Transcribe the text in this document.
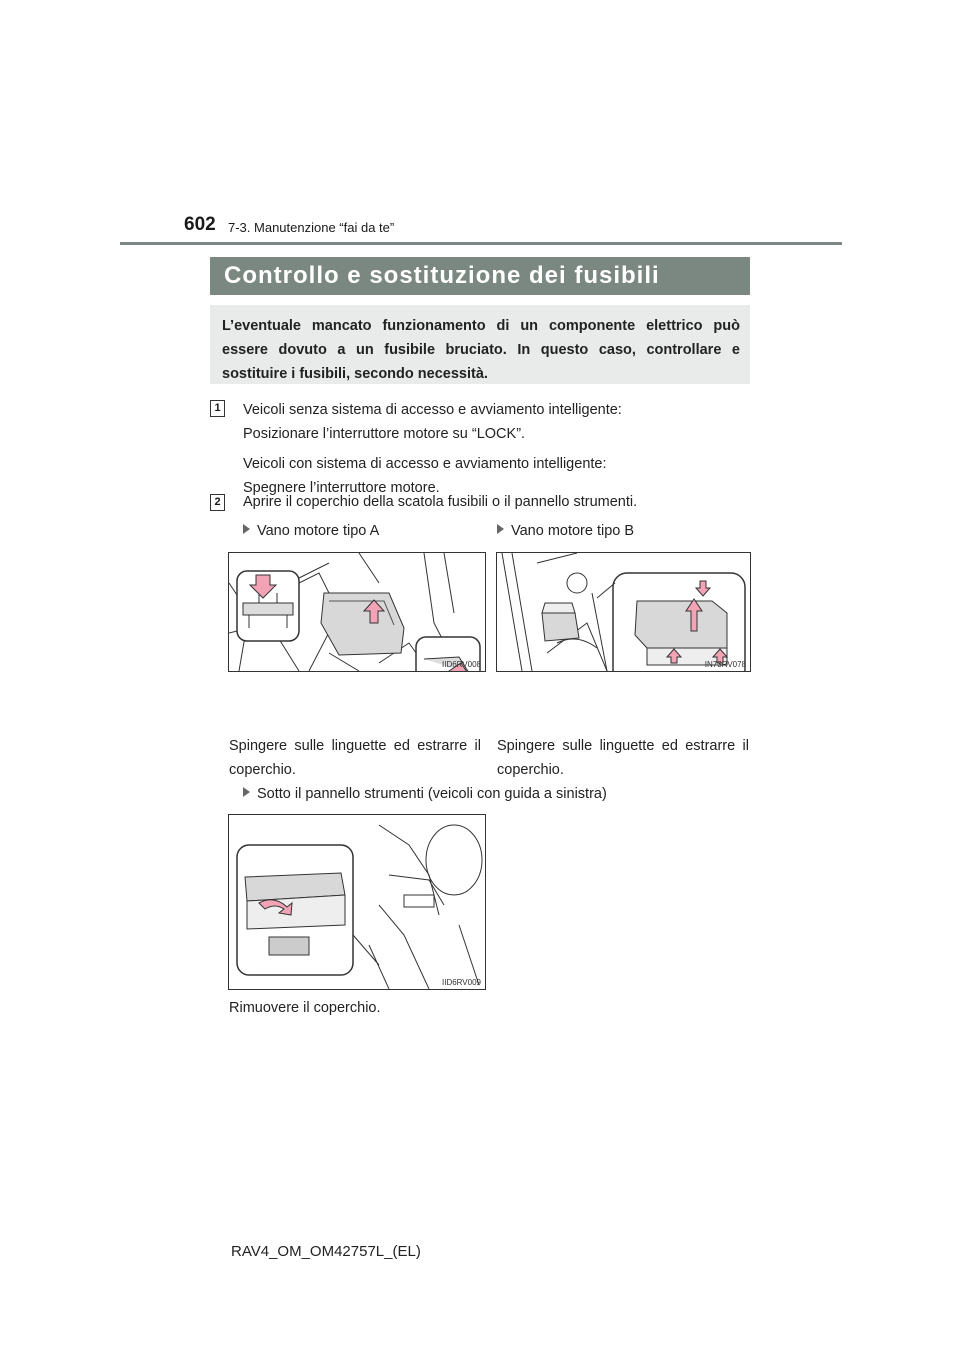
602 7-3. Manutenzione “fai da te”
Controllo e sostituzione dei fusibili

L’eventuale mancato funzionamento di un componente elettrico può essere dovuto a un fusibile bruciato. In questo caso, controllare e sostituire i fusibili, secondo necessità.

1	Veicoli senza sistema di accesso e avviamento intelligente:
Posizionare l’interruttore motore su “LOCK”.
Veicoli con sistema di accesso e avviamento intelligente:
Spegnere l’interruttore motore.
2	Aprire il coperchio della scatola fusibili o il pannello strumenti.
Vano motore tipo A	Vano motore tipo B
IID6RV008	IN73RV078
Spingere sulle linguette ed estrarre il coperchio.
Spingere sulle linguette ed estrarre il coperchio.
Sotto il pannello strumenti (veicoli con guida a sinistra)
IID6RV009
Rimuovere il coperchio.
RAV4_OM_OM42757L_(EL)
